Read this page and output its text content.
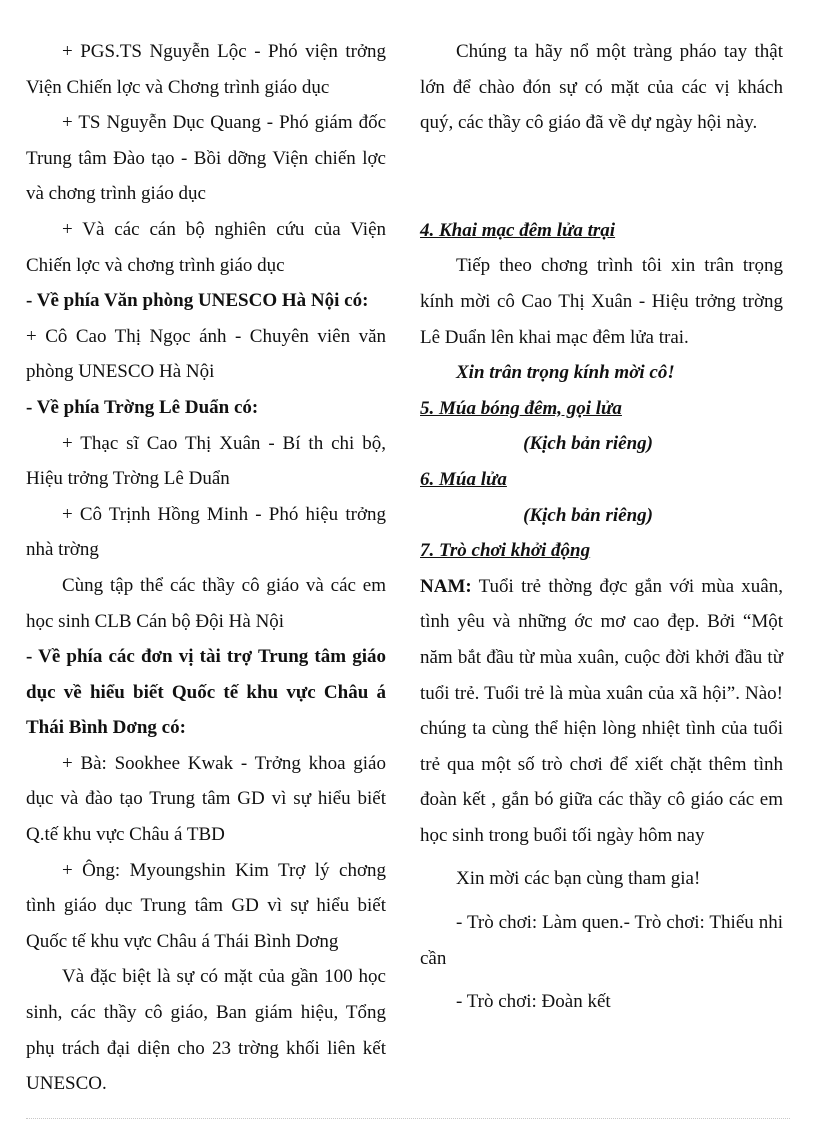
+ PGS.TS Nguyễn Lộc - Phó viện trởng Viện Chiến lợc và Chơng trình giáo dục

+ TS Nguyễn Dục Quang - Phó giám đốc Trung tâm Đào tạo - Bồi dỡng Viện chiến lợc và chơng trình giáo dục

+ Và các cán bộ nghiên cứu của Viện Chiến lợc và chơng trình giáo dục

- Về phía Văn phòng UNESCO Hà Nội có:

+ Cô Cao Thị Ngọc ánh - Chuyên viên văn phòng UNESCO Hà Nội

- Về phía Trờng Lê Duẩn có:

+ Thạc sĩ Cao Thị Xuân - Bí th chi bộ, Hiệu trởng Trờng Lê Duẩn

+ Cô Trịnh Hồng Minh - Phó hiệu trởng nhà trờng

Cùng tập thể các thầy cô giáo và các em học sinh CLB Cán bộ Đội Hà Nội

- Về phía các đơn vị tài trợ Trung tâm giáo dục về hiểu biết Quốc tế khu vực Châu á Thái Bình Dơng có:

+ Bà: Sookhee Kwak - Trởng khoa giáo dục và đào tạo Trung tâm GD vì sự hiểu biết Q.tế khu vực Châu á TBD

+ Ông: Myoungshin Kim Trợ lý chơng tình giáo dục Trung tâm GD vì sự hiểu biết Quốc tế khu vực Châu á Thái Bình Dơng

Và đặc biệt là sự có mặt của gần 100 học sinh, các thầy cô giáo, Ban giám hiệu, Tổng phụ trách đại diện cho 23 trờng khối liên kết UNESCO.

Chúng ta hãy nổ một tràng pháo tay thật lớn để chào đón sự có mặt của các vị khách quý, các thầy cô giáo đã về dự ngày hội này.

4. Khai mạc đêm lửa trại

Tiếp theo chơng trình tôi xin trân trọng kính mời cô Cao Thị Xuân - Hiệu trởng trờng Lê Duẩn lên khai mạc đêm lửa trai.

Xin trân trọng kính mời cô!

5. Múa bóng đêm, gọi lửa

(Kịch bản riêng)

6. Múa lửa

(Kịch bản riêng)

7. Trò chơi khởi động

NAM: Tuổi trẻ thờng đợc gắn với mùa xuân, tình yêu và những ớc mơ cao đẹp. Bởi “Một năm bắt đầu từ mùa xuân, cuộc đời khởi đầu từ tuổi trẻ. Tuổi trẻ là mùa xuân của xã hội”. Nào! chúng ta cùng thể hiện lòng nhiệt tình của tuổi trẻ qua một số trò chơi để xiết chặt thêm tình đoàn kết , gắn bó giữa các thầy cô giáo các em học sinh trong buổi tối ngày hôm nay

Xin mời các bạn cùng tham gia!

- Trò chơi: Làm quen.- Trò chơi: Thiếu nhi cần

- Trò chơi: Đoàn kết
